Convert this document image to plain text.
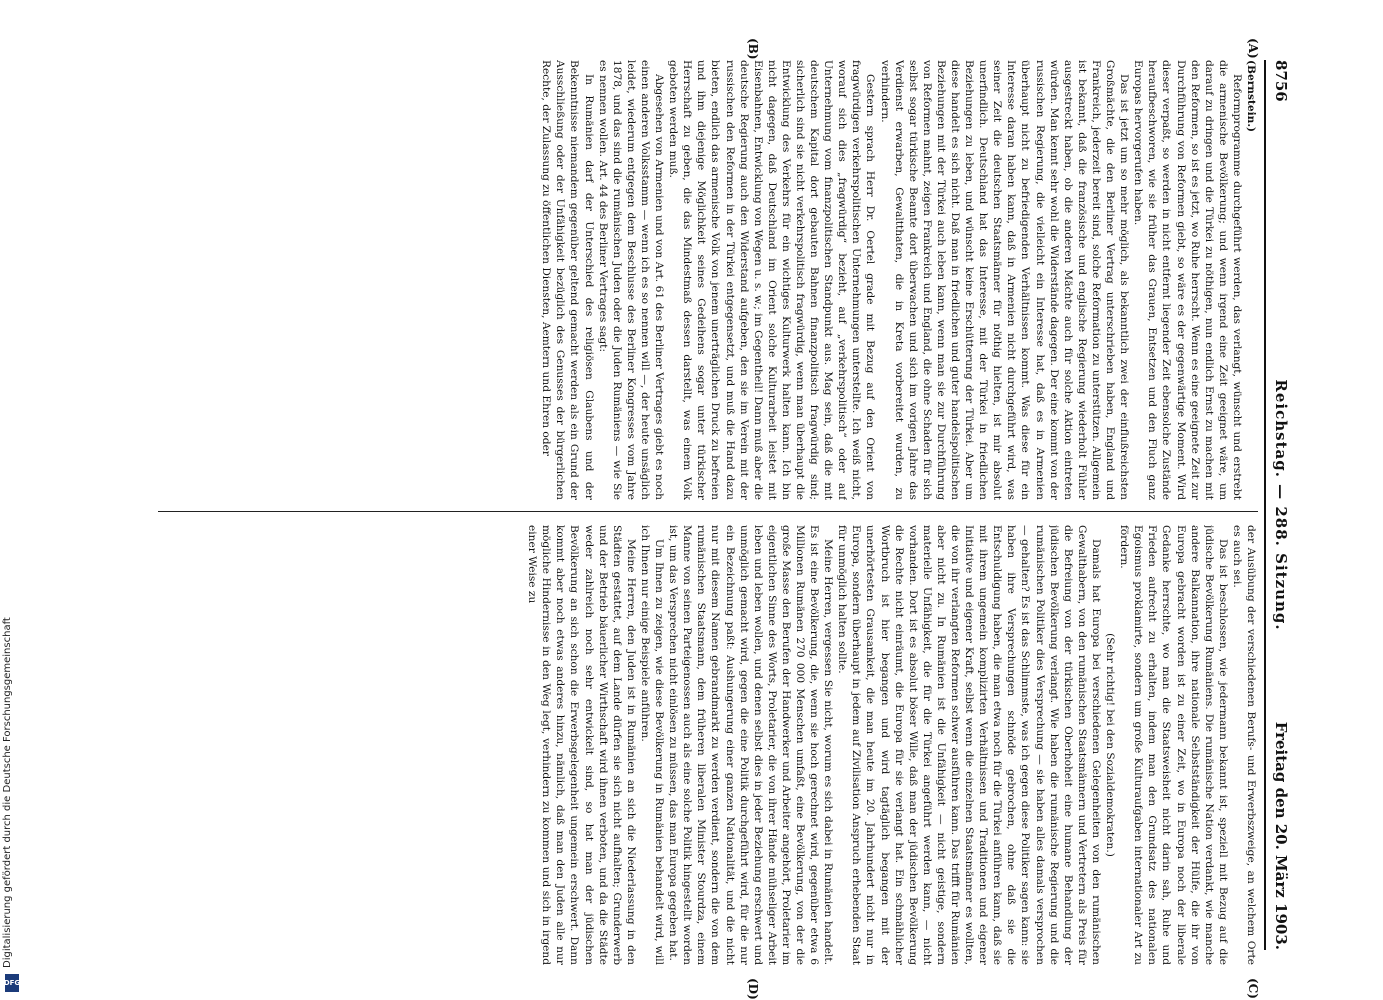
8756
Reichstag. — 288. Sitzung.
Freitag den 20. März 1903.
(A)
(B)
(C)
(D)

(Bernstein.)

Reformprogramme durchgeführt werden, das verlangt, wünscht und erstrebt die armenische Bevölkerung; und wenn irgend eine Zeit geeignet wäre, um darauf zu dringen und die Türkei zu nöthigen, nun endlich Ernst zu machen mit den Reformen, so ist es jetzt, wo Ruhe herrscht. Wenn es eine geeignete Zeit zur Durchführung von Reformen giebt, so wäre es der gegenwärtige Moment. Wird dieser verpaßt, so werden in nicht entfernt liegender Zeit ebensolche Zustände heraufbeschworen, wie sie früher das Grauen, Entsetzen und den Fluch ganz Europas hervorgerufen haben.

Das ist jetzt um so mehr möglich, als bekanntlich zwei der einflußreichsten Großmächte, die den Berliner Vertrag unterschrieben haben, England und Frankreich, jederzeit bereit sind, solche Reformation zu unterstützen. Allgemein ist bekannt, daß die französische und englische Regierung wiederholt Fühler ausgestreckt haben, ob die anderen Mächte auch für solche Aktion eintreten würden. Man kennt sehr wohl die Widerstände dagegen. Der eine kommt von der russischen Regierung, die vielleicht ein Interesse hat, daß es in Armenien überhaupt nicht zu befriedigenden Verhältnissen kommt. Was diese für ein Interesse daran haben kann, daß in Armenien nicht durchgeführt wird, was seiner Zeit die deutschen Staatsmänner für nöthig hielten, ist mir absolut unerfindlich. Deutschland hat das Interesse, mit der Türkei in friedlichen Beziehungen zu leben, und wünscht keine Erschütterung der Türkei. Aber um diese handelt es sich nicht. Daß man in friedlichen und guter handelspolitischen Beziehungen mit der Türkei auch leben kann, wenn man sie zur Durchführung von Reformen mahnt, zeigen Frankreich und England, die ohne Schaden für sich selbst sogar türkische Beamte dort überwachen und sich im vorigen Jahre das Verdienst erwarben, Gewaltthaten, die in Kreta vorbereitet wurden, zu verhindern.

Gestern sprach Herr Dr. Oertel grade mit Bezug auf den Orient von fragwürdigen verkehrspolitischen Unternehmungen unterstellte. Ich weiß nicht, worauf sich dies „fragwürdig“ bezieht, auf „verkehrspolitisch“ oder auf Unternehmung vom finanzpolitischen Standpunkt aus. Mag sein, daß die mit deutschem Kapital dort gebauten Bahnen finanzpolitisch fragwürdig sind; sicherlich sind sie nicht verkehrspolitisch fragwürdig, wenn man überhaupt die Entwicklung des Verkehrs für ein wichtiges Kulturwerk halten kann. Ich bin nicht dagegen, daß Deutschland im Orient solche Kulturarbeit leistet mit Eisenbahnen, Entwicklung von Wegen u. s. w.; im Gegentheil! Dann muß aber die deutsche Regierung auch den Widerstand aufgeben, den sie im Verein mit der russischen den Reformen in der Türkei entgegensetzt, und muß die Hand dazu bieten, endlich das armenische Volk von jenem unerträglichen Druck zu befreien und ihm diejenige Möglichkeit seines Gedeihens sogar unter türkischer Herrschaft zu geben, die das Mindestmaß dessen darstellt, was einem Volk geboten werden muß.

Abgesehen von Armenien und von Art. 61 des Berliner Vertrages giebt es noch einen anderen Volksstamm — wenn ich es so nennen will —, der heute unsäglich leidet, wiederum entgegen dem Beschlusse des Berliner Kongresses vom Jahre 1878, und das sind die rumänischen Juden oder die Juden Rumäniens — wie Sie es nennen wollen. Art. 44 des Berliner Vertrages sagt:

In Rumänien darf der Unterschied des religiösen Glaubens und der Bekenntnisse niemandem gegenüber geltend gemacht werden als ein Grund der Ausschließung oder der Unfähigkeit bezüglich des Genusses der bürgerlichen Rechte, der Zulassung zu öffentlichen Diensten, Aemtern und Ehren oder

der Ausübung der verschiedenen Berufs- und Erwerbszweige, an welchem Orte es auch sei.

Das ist beschlossen, wie jedermann bekannt ist, speziell mit Bezug auf die jüdische Bevölkerung Rumäniens. Die rumänische Nation verdankt, wie manche andere Balkannation, ihre nationale Selbstständigkeit der Hülfe, die ihr von Europa gebracht worden ist zu einer Zeit, wo in Europa noch der liberale Gedanke herrschte, wo man die Staatsweisheit nicht darin sah, Ruhe und Frieden aufrecht zu erhalten, indem man den Grundsatz des nationalen Egoismus proklamirte, sondern um große Kulturaufgaben internationaler Art zu fördern.

(Sehr richtig! bei den Sozialdemokraten.)

Damals hat Europa bei verschiedenen Gelegenheiten von den rumänischen Gewalthabern, von den rumänischen Staatsmännern und Vertretern als Preis für die Befreiung von der türkischen Oberhoheit eine humane Behandlung der jüdischen Bevölkerung verlangt. Wie haben die rumänische Regierung und die rumänischen Politiker dies Versprechung — sie haben alles damals versprochen — gehalten? Es ist das Schlimmste, was ich gegen diese Politiker sagen kann: sie haben ihre Versprechungen schnöde gebrochen, ohne daß sie die Entschuldigung haben, die man etwa noch für die Türkei anführen kann, daß sie mit ihrem ungemein komplizirten Verhältnissen und Traditionen und eigener Initiative und eigener Kraft, selbst wenn die einzelnen Staatsmänner es wollten, die von ihr verlangten Reformen schwer ausführen kann. Das trifft für Rumänien aber nicht zu. In Rumänien ist die Unfähigkeit — nicht geistige, sondern materielle Unfähigkeit, die für die Türkei angeführt werden kann, — nicht vorhanden. Dort ist es absolut böser Wille, daß man der jüdischen Bevölkerung die Rechte nicht einräumt, die Europa für sie verlangt hat. Ein schmählicher Wortbruch ist hier begangen und wird tagtäglich begangen mit der unerhörtesten Grausamkeit, die man heute im 20. Jahrhundert nicht nur in Europa, sondern überhaupt in jedem auf Zivilisation Anspruch erhebenden Staat für unmöglich halten sollte.

Meine Herren, vergessen Sie nicht, worum es sich dabei in Rumänien handelt. Es ist eine Bevölkerung, die, wenn sie hoch gerechnet wird, gegenüber etwa 6 Millionen Rumänen 270 000 Menschen umfaßt, eine Bevölkerung, von der die große Masse den Berufen der Handwerker und Arbeiter angehört, Proletarier im eigentlichen Sinne des Worts, Proletarier, die von ihrer Hände mühseliger Arbeit leben und leben wollen, und denen selbst dies in jeder Beziehung erschwert und unmöglich gemacht wird, gegen die eine Politik durchgeführt wird, für die nur ein Bezeichnung paßt: Aushungerung einer ganzen Nationalität, und die nicht nur mit diesem Namen gebrandmarkt zu werden verdient, sondern die von dem rumänischen Staatsmann, dem früheren liberalen Minister Stourdza, einem Manne von seinen Parteigenossen auch als eine solche Politik hingestellt worden ist, um das Versprechen nicht einlösen zu müssen, das man Europa gegeben hat.

Um Ihnen zu zeigen, wie diese Bevölkerung in Rumänien behandelt wird, will ich Ihnen nur einige Beispiele anführen.

Meine Herren, den Juden ist in Rumänien an sich die Niederlassung in den Städten gestattet, auf dem Lande dürfen sie sich nicht aufhalten; Grunderwerb und der Betrieb bäuerlicher Wirthschaft wird ihnen verboten, und da die Städte weder zahlreich noch sehr entwickelt sind, so hat man der jüdischen Bevölkerung an sich schon die Erwerbsgelegenheit ungemein erschwert. Dann kommt aber noch etwas anderes hinzu, nämlich, daß man den Juden alle nur mögliche Hindernisse in den Weg legt, verhindern zu kommen und sich in irgend einer Weise zu

Digitalisierung gefördert durch die Deutsche Forschungsgemeinschaft
DFG
